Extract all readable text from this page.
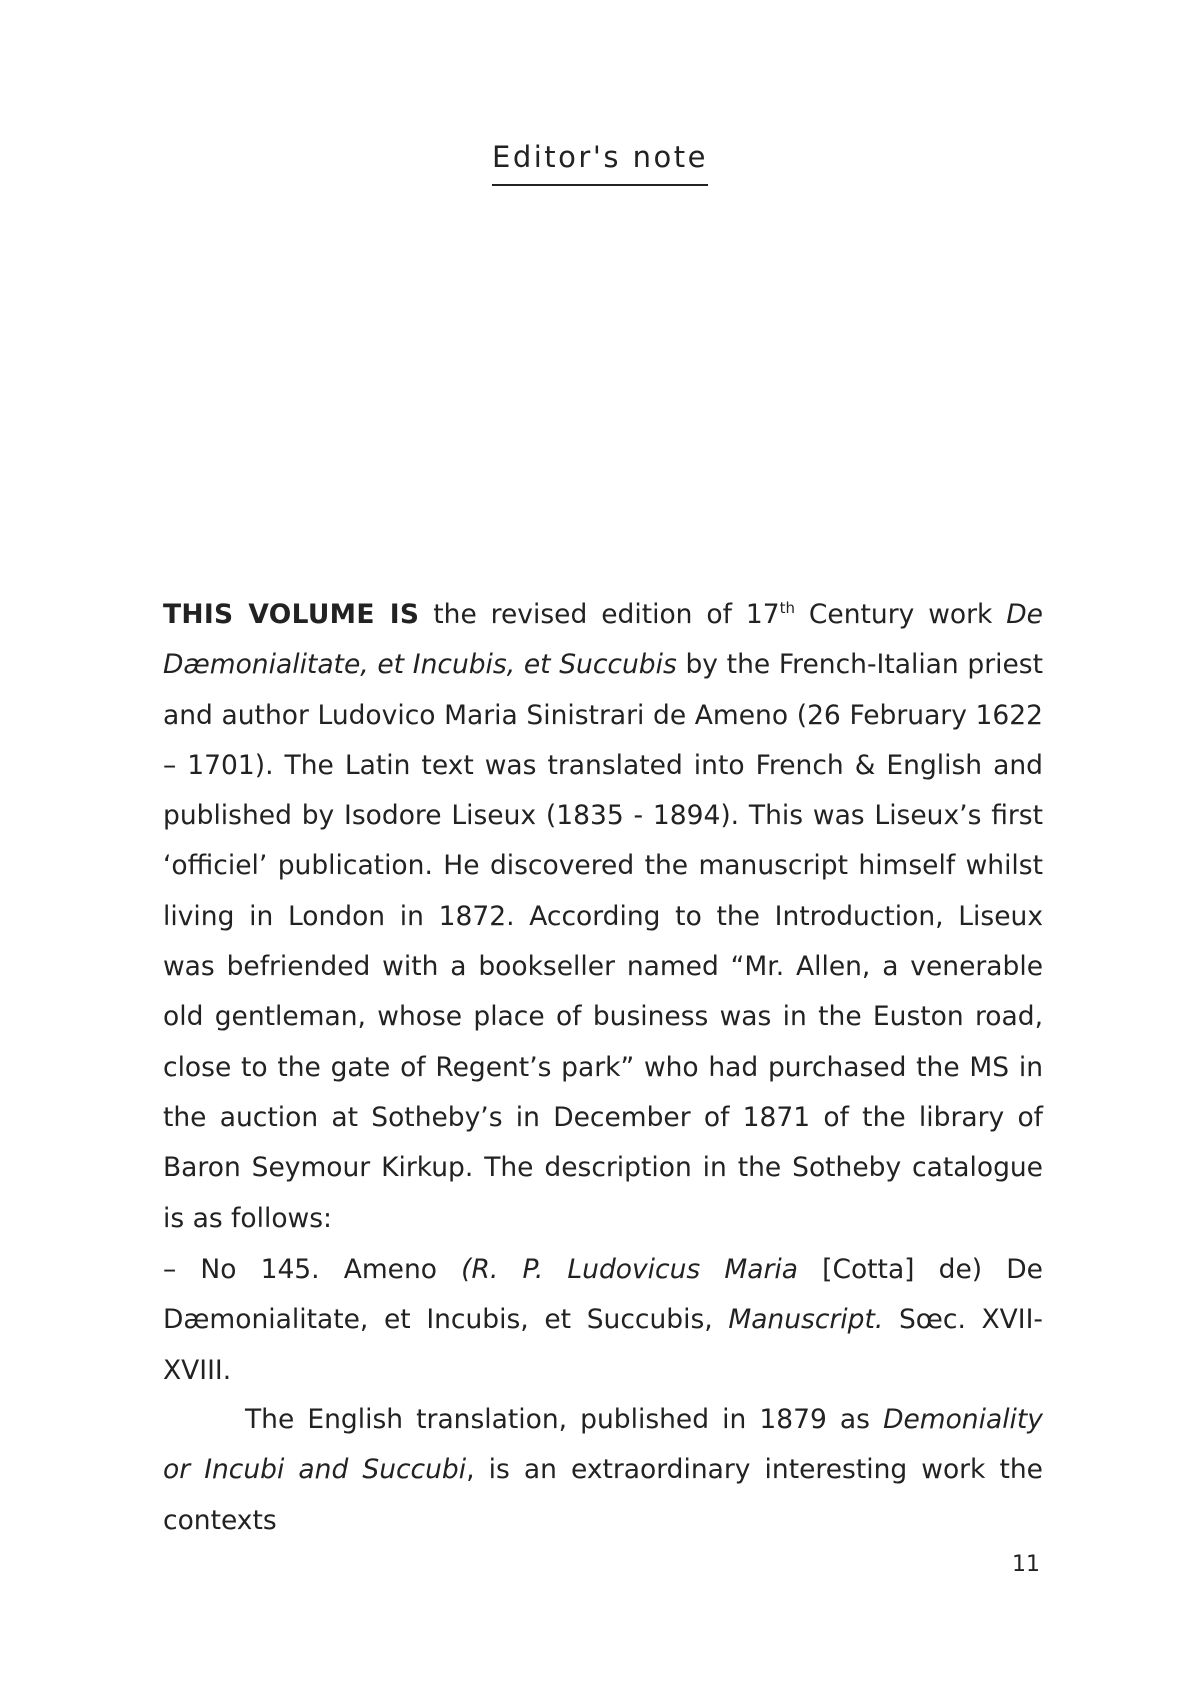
Editor's note

THIS VOLUME IS the revised edition of 17th Century work De Dæmonialitate, et Incubis, et Succubis by the French-Italian priest and author Ludovico Maria Sinistrari de Ameno (26 February 1622 – 1701). The Latin text was translated into French & English and published by Isodore Liseux (1835 - 1894). This was Liseux’s first ‘officiel’ publication. He discovered the manuscript himself whilst living in London in 1872. According to the Introduction, Liseux was befriended with a bookseller named “Mr. Allen, a venerable old gentleman, whose place of business was in the Euston road, close to the gate of Regent’s park” who had purchased the MS in the auction at Sotheby’s in December of 1871 of the library of Baron Seymour Kirkup. The description in the Sotheby catalogue is as follows:

– No 145. Ameno (R. P. Ludovicus Maria [Cotta] de) De Dæmonialitate, et Incubis, et Succubis, Manuscript. Sœc. XVII-XVIII.

The English translation, published in 1879 as Demoniality or Incubi and Succubi, is an extraordinary interesting work the contexts

11
